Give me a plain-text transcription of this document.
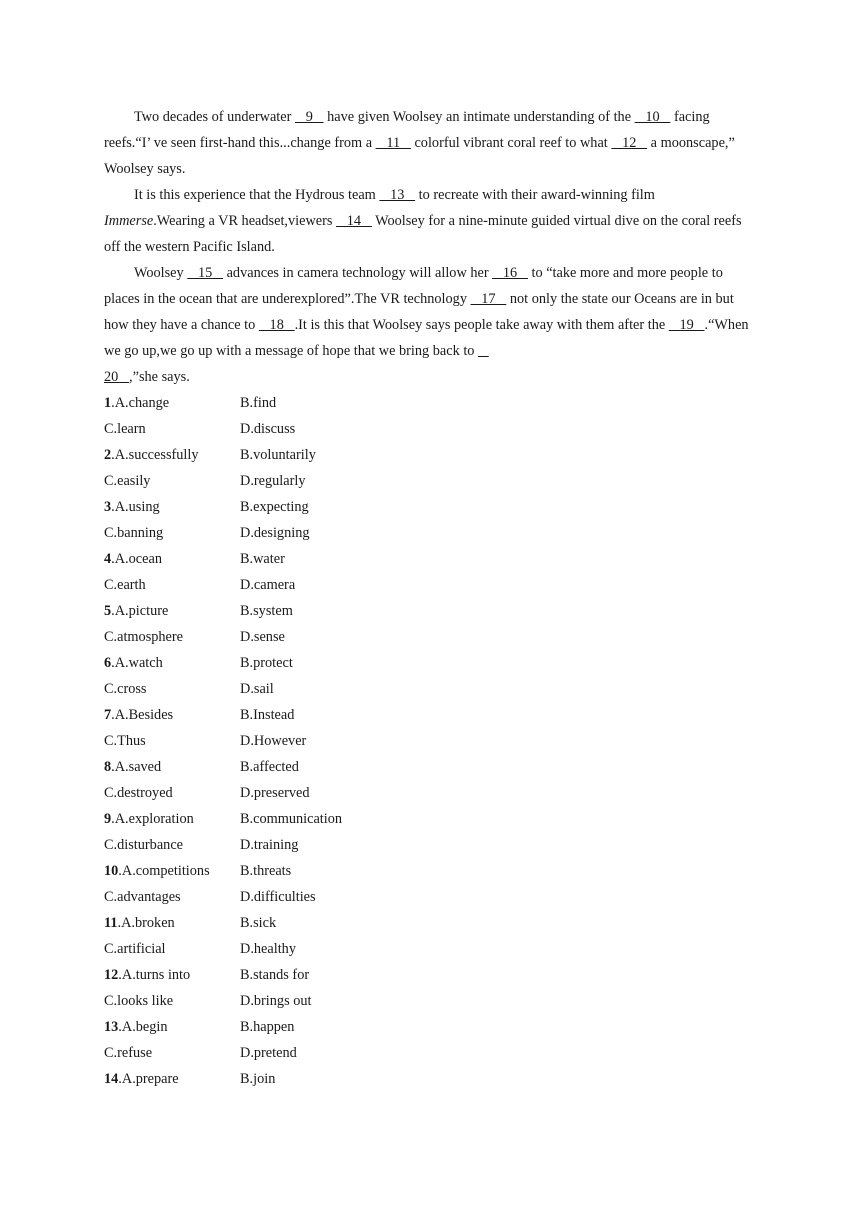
Two decades of underwater    9    have given Woolsey an intimate understanding of the    10    facing reefs.“I’ ve seen first-hand this...change from a    11    colorful vibrant coral reef to what    12    a moonscape,” Woolsey says.

It is this experience that the Hydrous team    13    to recreate with their award-winning film Immerse.Wearing a VR headset,viewers    14    Woolsey for a nine-minute guided virtual dive on the coral reefs off the western Pacific Island.

Woolsey    15    advances in camera technology will allow her    16    to “take more and more people to places in the ocean that are underexplored”.The VR technology    17    not only the state our Oceans are in but how they have a chance to    18   .It is this that Woolsey says people take away with them after the    19   .“When we go up,we go up with a message of hope that we bring back to
20   ,”she says.

1.A.change	B.find
C.learn	D.discuss
2.A.successfully	B.voluntarily
C.easily	D.regularly
3.A.using	B.expecting
C.banning	D.designing
4.A.ocean	B.water
C.earth	D.camera
5.A.picture	B.system
C.atmosphere	D.sense
6.A.watch	B.protect
C.cross	D.sail
7.A.Besides	B.Instead
C.Thus	D.However
8.A.saved	B.affected
C.destroyed	D.preserved
9.A.exploration	B.communication
C.disturbance	D.training
10.A.competitions	B.threats
C.advantages	D.difficulties
11.A.broken	B.sick
C.artificial	D.healthy
12.A.turns into	B.stands for
C.looks like	D.brings out
13.A.begin	B.happen
C.refuse	D.pretend
14.A.prepare	B.join
